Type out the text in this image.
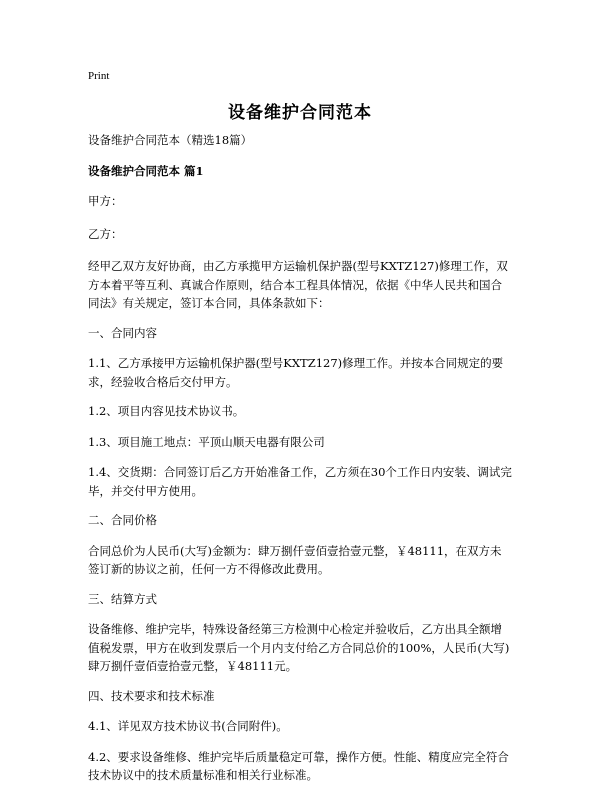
Print
设备维护合同范本

设备维护合同范本（精选18篇）

设备维护合同范本 篇1

甲方：

乙方：

经甲乙双方友好协商，由乙方承揽甲方运输机保护器(型号KXTZ127)修理工作，双方本着平等互利、真诚合作原则，结合本工程具体情况，依据《中华人民共和国合同法》有关规定，签订本合同，具体条款如下：

一、合同内容

1.1、乙方承接甲方运输机保护器(型号KXTZ127)修理工作。并按本合同规定的要求，经验收合格后交付甲方。

1.2、项目内容见技术协议书。

1.3、项目施工地点：平顶山顺天电器有限公司

1.4、交货期：合同签订后乙方开始准备工作，乙方须在30个工作日内安装、调试完毕，并交付甲方使用。

二、合同价格

合同总价为人民币(大写)金额为：肆万捌仟壹佰壹拾壹元整，￥48111，在双方未签订新的协议之前，任何一方不得修改此费用。

三、结算方式

设备维修、维护完毕，特殊设备经第三方检测中心检定并验收后，乙方出具全额增值税发票，甲方在收到发票后一个月内支付给乙方合同总价的100%，人民币(大写)肆万捌仟壹佰壹拾壹元整，￥48111元。

四、技术要求和技术标准

4.1、详见双方技术协议书(合同附件)。

4.2、要求设备维修、维护完毕后质量稳定可靠，操作方便。性能、精度应完全符合技术协议中的技术质量标准和相关行业标准。
